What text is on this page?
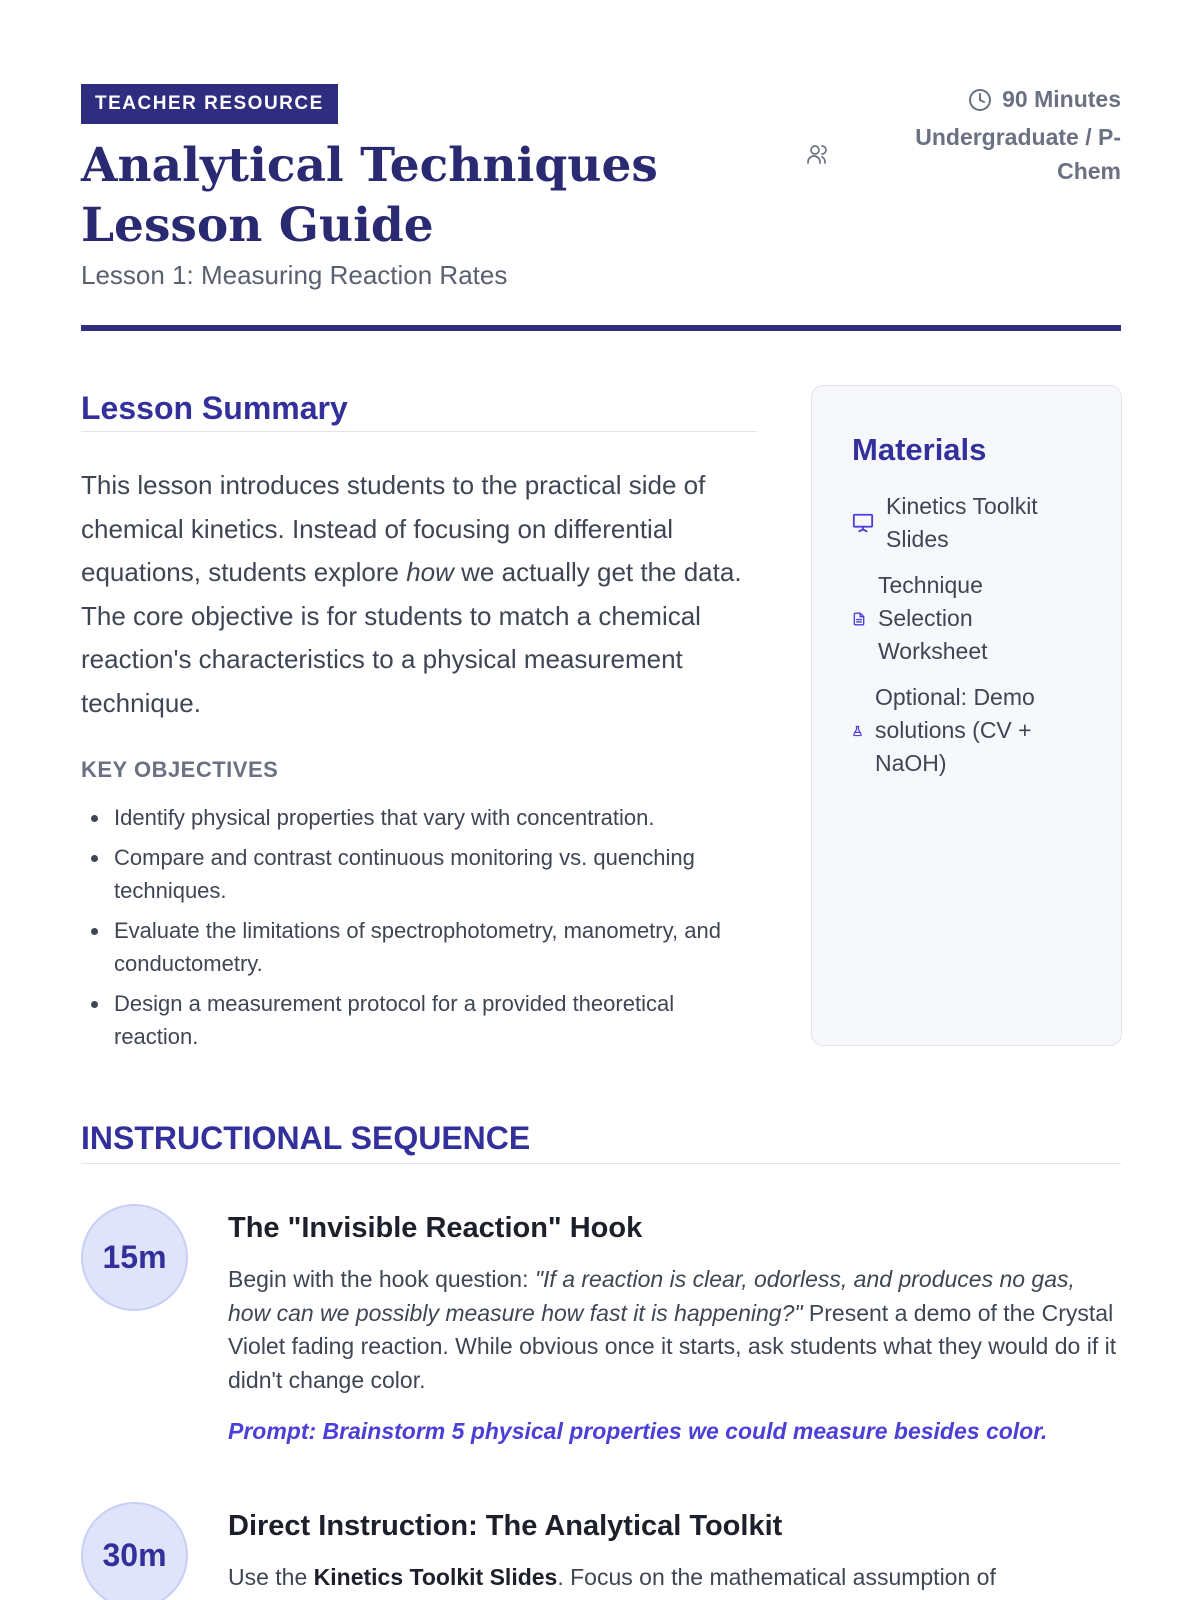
TEACHER RESOURCE
Analytical Techniques Lesson Guide
Lesson 1: Measuring Reaction Rates
90 Minutes
Undergraduate / P-Chem
Lesson Summary

This lesson introduces students to the practical side of chemical kinetics. Instead of focusing on differential equations, students explore how we actually get the data. The core objective is for students to match a chemical reaction's characteristics to a physical measurement technique.

KEY OBJECTIVES
Identify physical properties that vary with concentration.
Compare and contrast continuous monitoring vs. quenching techniques.
Evaluate the limitations of spectrophotometry, manometry, and conductometry.
Design a measurement protocol for a provided theoretical reaction.
Materials
Kinetics Toolkit Slides
Technique Selection Worksheet
Optional: Demo solutions (CV + NaOH)
INSTRUCTIONAL SEQUENCE
15m
The "Invisible Reaction" Hook

Begin with the hook question: "If a reaction is clear, odorless, and produces no gas, how can we possibly measure how fast it is happening?" Present a demo of the Crystal Violet fading reaction. While obvious once it starts, ask students what they would do if it didn't change color.

Prompt: Brainstorm 5 physical properties we could measure besides color.

30m
Direct Instruction: The Analytical Toolkit

Use the Kinetics Toolkit Slides. Focus on the mathematical assumption of
